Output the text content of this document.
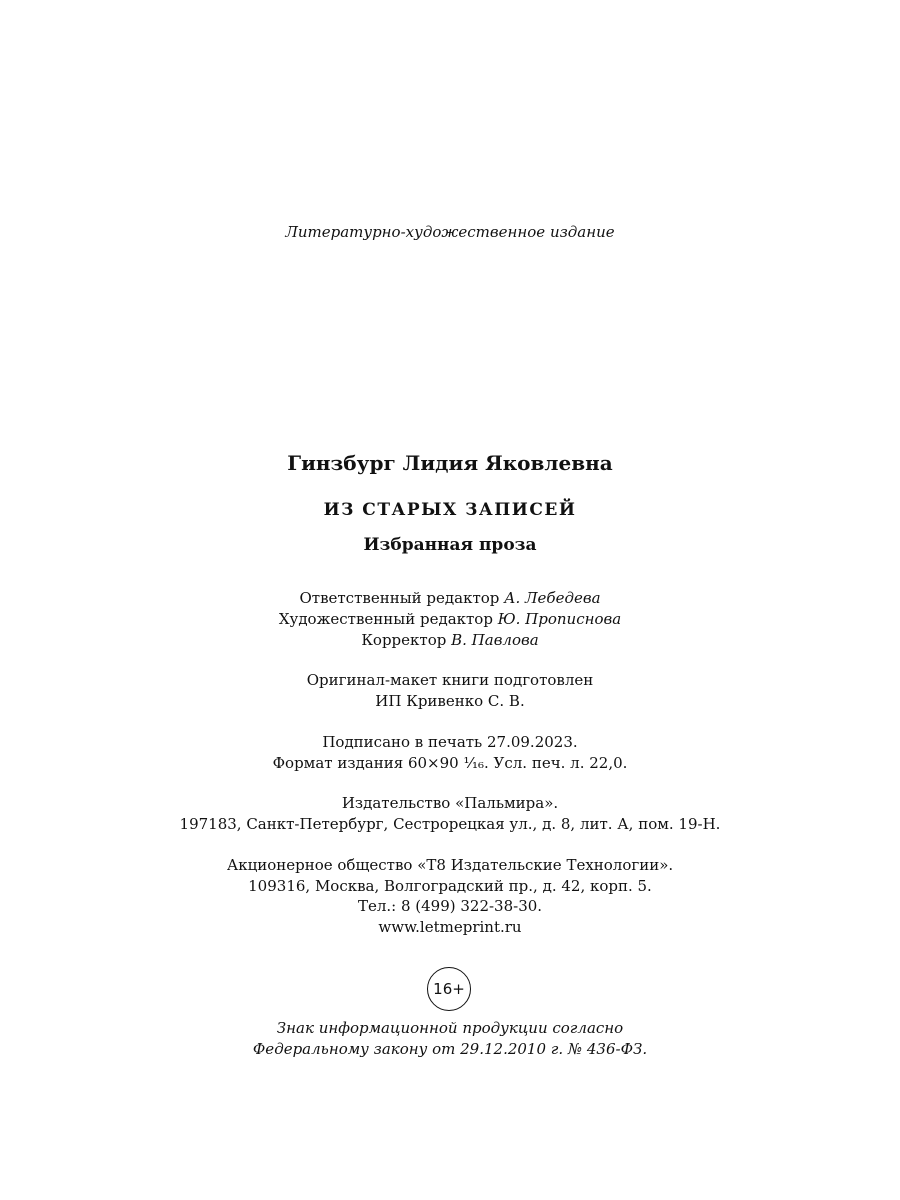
Литературно-художественное издание
Гинзбург Лидия Яковлевна
ИЗ СТАРЫХ ЗАПИСЕЙ
Избранная проза
Ответственный редактор А. Лебедева
Художественный редактор Ю. Прописнова
Корректор В. Павлова
Оригинал-макет книги подготовлен
ИП Кривенко С. В.
Подписано в печать 27.09.2023.
Формат издания 60×90 ¹⁄₁₆. Усл. печ. л. 22,0.
Издательство «Пальмира».
197183, Санкт-Петербург, Сестрорецкая ул., д. 8, лит. А, пом. 19-Н.
Акционерное общество «Т8 Издательские Технологии».
109316, Москва, Волгоградский пр., д. 42, корп. 5.
Тел.: 8 (499) 322-38-30.
www.letmeprint.ru
16+
Знак информационной продукции согласно
Федеральному закону от 29.12.2010 г. № 436-ФЗ.
